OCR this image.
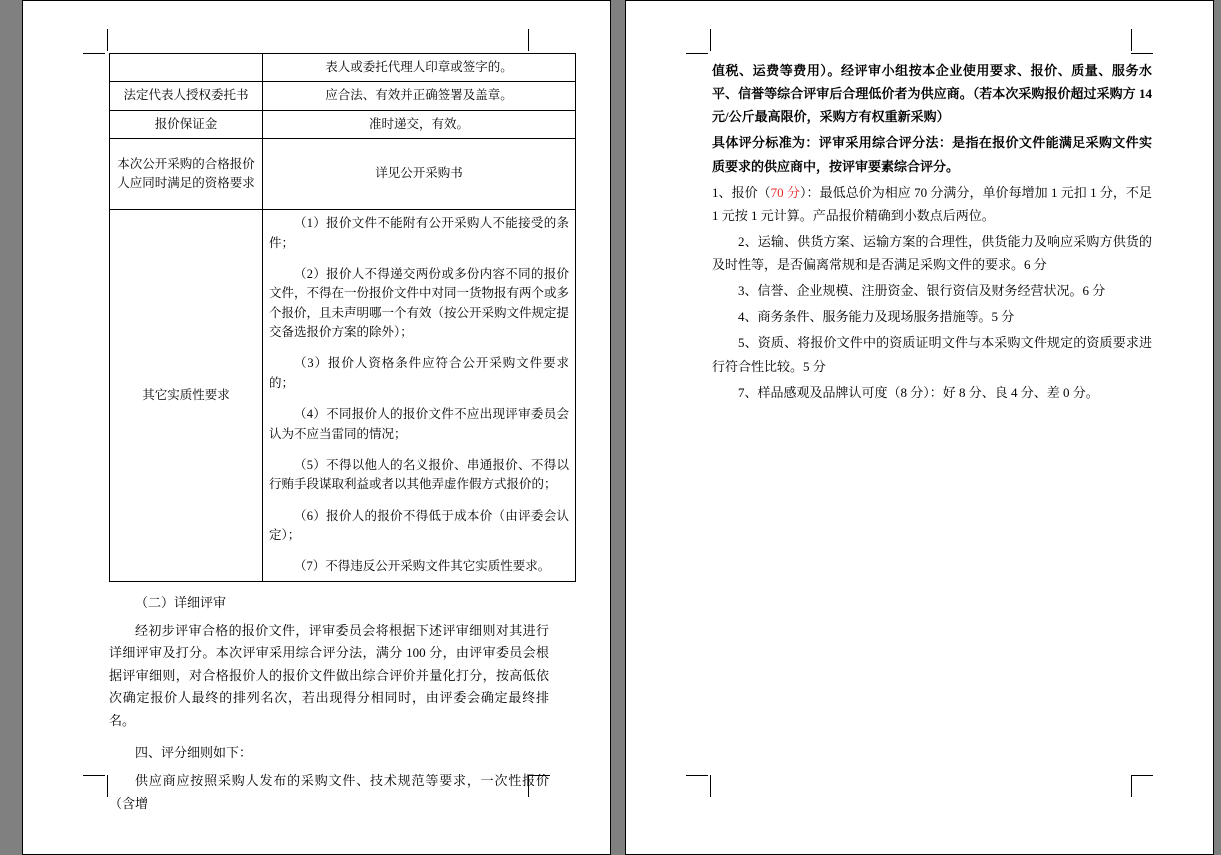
	表人或委托代理人印章或签字的。
法定代表人授权委托书	应合法、有效并正确签署及盖章。
报价保证金	准时递交，有效。
本次公开采购的合格报价人应同时满足的资格要求	详见公开采购书
其它实质性要求	

（1）报价文件不能附有公开采购人不能接受的条件；

（2）报价人不得递交两份或多份内容不同的报价文件，不得在一份报价文件中对同一货物报有两个或多个报价，且未声明哪一个有效（按公开采购文件规定提交备选报价方案的除外）；

（3）报价人资格条件应符合公开采购文件要求的；

（4）不同报价人的报价文件不应出现评审委员会认为不应当雷同的情况；

（5）不得以他人的名义报价、串通报价、不得以行贿手段谋取利益或者以其他弄虚作假方式报价的；

（6）报价人的报价不得低于成本价（由评委会认定）；

（7）不得违反公开采购文件其它实质性要求。

（二）详细评审

经初步评审合格的报价文件，评审委员会将根据下述评审细则对其进行详细评审及打分。本次评审采用综合评分法，满分 100 分，由评审委员会根据评审细则，对合格报价人的报价文件做出综合评价并量化打分，按高低依次确定报价人最终的排列名次，若出现得分相同时，由评委会确定最终排名。

四、评分细则如下：

供应商应按照采购人发布的采购文件、技术规范等要求，一次性报价（含增

值税、运费等费用）。经评审小组按本企业使用要求、报价、质量、服务水平、信誉等综合评审后合理低价者为供应商。（若本次采购报价超过采购方 14 元/公斤最高限价，采购方有权重新采购）

具体评分标准为：评审采用综合评分法：是指在报价文件能满足采购文件实质要求的供应商中，按评审要素综合评分。

1、报价（70 分）：最低总价为相应 70 分满分，单价每增加 1 元扣 1 分，不足 1 元按 1 元计算。产品报价精确到小数点后两位。

2、运输、供货方案、运输方案的合理性，供货能力及响应采购方供货的及时性等，是否偏离常规和是否满足采购文件的要求。6 分

3、信誉、企业规模、注册资金、银行资信及财务经营状况。6 分

4、商务条件、服务能力及现场服务措施等。5 分

5、资质、将报价文件中的资质证明文件与本采购文件规定的资质要求进行符合性比较。5 分

7、样品感观及品牌认可度（8 分）：好 8 分、良 4 分、差 0 分。
